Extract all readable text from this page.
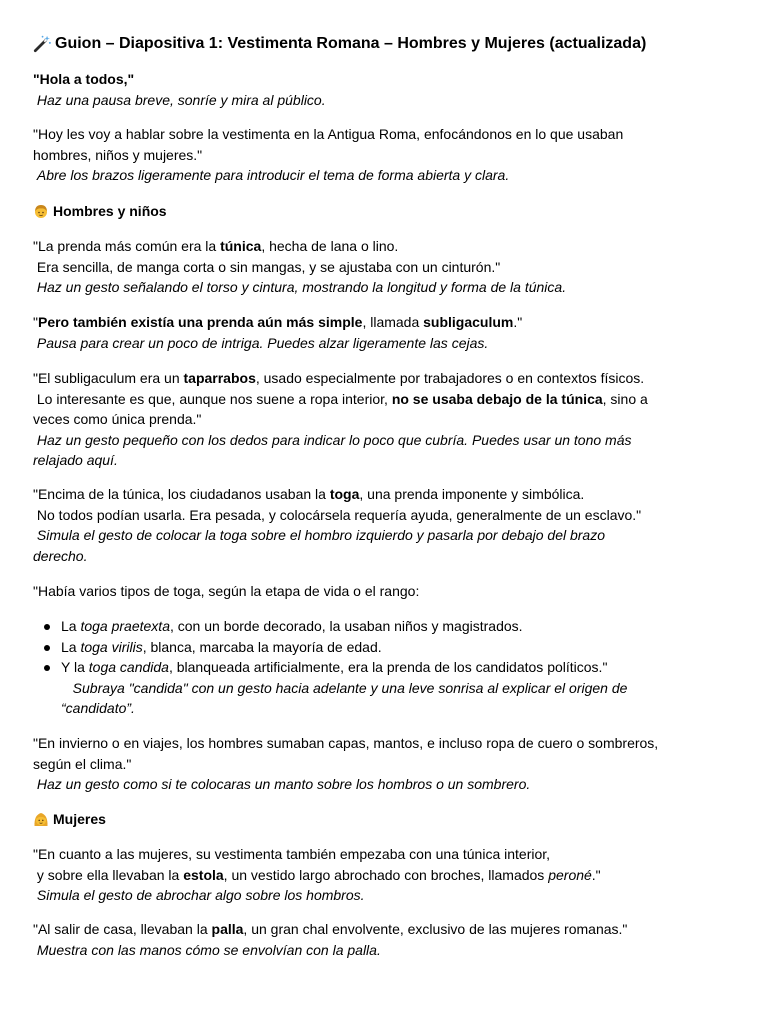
Guion – Diapositiva 1: Vestimenta Romana – Hombres y Mujeres (actualizada)

"Hola a todos,"
Haz una pausa breve, sonríe y mira al público.

"Hoy les voy a hablar sobre la vestimenta en la Antigua Roma, enfocándonos en lo que usaban
hombres, niños y mujeres."
Abre los brazos ligeramente para introducir el tema de forma abierta y clara.

Hombres y niños

"La prenda más común era la túnica, hecha de lana o lino.
Era sencilla, de manga corta o sin mangas, y se ajustaba con un cinturón."
Haz un gesto señalando el torso y cintura, mostrando la longitud y forma de la túnica.

"Pero también existía una prenda aún más simple, llamada subligaculum."
Pausa para crear un poco de intriga. Puedes alzar ligeramente las cejas.

"El subligaculum era un taparrabos, usado especialmente por trabajadores o en contextos físicos.
Lo interesante es que, aunque nos suene a ropa interior, no se usaba debajo de la túnica, sino a
veces como única prenda."
Haz un gesto pequeño con los dedos para indicar lo poco que cubría. Puedes usar un tono más
relajado aquí.

"Encima de la túnica, los ciudadanos usaban la toga, una prenda imponente y simbólica.
No todos podían usarla. Era pesada, y colocársela requería ayuda, generalmente de un esclavo."
Simula el gesto de colocar la toga sobre el hombro izquierdo y pasarla por debajo del brazo
derecho.

"Había varios tipos de toga, según la etapa de vida o el rango:

La toga praetexta, con un borde decorado, la usaban niños y magistrados.
La toga virilis, blanca, marcaba la mayoría de edad.
Y la toga candida, blanqueada artificialmente, era la prenda de los candidatos políticos."
Subraya "candida" con un gesto hacia adelante y una leve sonrisa al explicar el origen de
“candidato”.

"En invierno o en viajes, los hombres sumaban capas, mantos, e incluso ropa de cuero o sombreros,
según el clima."
Haz un gesto como si te colocaras un manto sobre los hombros o un sombrero.

Mujeres

"En cuanto a las mujeres, su vestimenta también empezaba con una túnica interior,
y sobre ella llevaban la estola, un vestido largo abrochado con broches, llamados peroné."
Simula el gesto de abrochar algo sobre los hombros.

"Al salir de casa, llevaban la palla, un gran chal envolvente, exclusivo de las mujeres romanas."
Muestra con las manos cómo se envolvían con la palla.
